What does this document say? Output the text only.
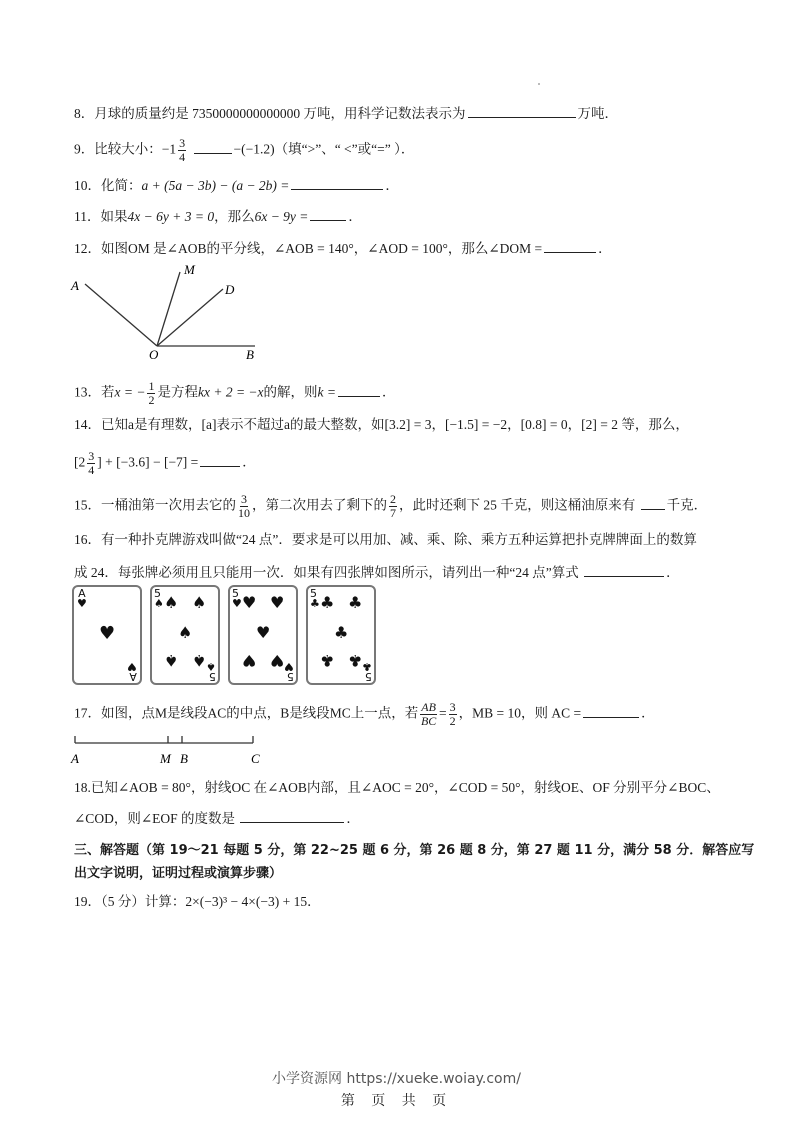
8．月球的质量约是 7350000000000000 万吨，用科学记数法表示为	万吨．
9．比较大小：$-1 \frac{3}{4}$	−(−1.2)（填“>”、“ <”或“=” ）．
10．化简：a + (5a − 3b) − (a − 2b) =	．
11．如果4x − 6y + 3 = 0，那么6x − 9y =	．
12．如图OM 是∠AOB的平分线，∠AOB = 140°，∠AOD = 100°，那么∠DOM =	．
A
M
D
O	B
13．若x = − $\frac{1}{2}$ 是方程kx + 2 = −x的解，则k =	．
14．已知a是有理数，[a]表示不超过a的最大整数，如[3.2] = 3，[−1.5] = −2，[0.8] = 0，[2] = 2 等，那么，
[$2 \frac{3}{4}$ ] + [−3.6] − [−7] =	．
15．一桶油第一次用去它的 $\frac{3}{10}$ ，第二次用去了剩下的 $\frac{2}{7}$ ，此时还剩下 25 千克，则这桶油原来有 千克．
16．有一种扑克牌游戏叫做“24 点”．要求是可以用加、减、乘、除、乘方五种运算把扑克牌牌面上的数算
成 24．每张牌必须用且只能用一次．如果有四张牌如图所示，请列出一种“24 点”算式	．
A
♥
♥
A
♥
5
♠ ♠ ♠
♠
♠ ♠
5
♠
5
♥ ♥ ♥
♥
♥ ♥
5
♥
5
♣ ♣ ♣
♣
♣ ♣
5
♣
17．如图，点M是线段AC的中点，B是线段MC上一点，若 $\frac{AB}{BC} = \frac{3}{2}$ ，MB = 10，则 AC =	．
A	M B	C
18.已知∠AOB = 80°，射线OC 在∠AOB内部，且∠AOC = 20°，∠COD = 50°，射线OE、OF 分别平分∠BOC、
∠COD，则∠EOF 的度数是	．
三、解答题（第 19～21 每题 5 分，第 22~25 题 6 分，第 26 题 8 分，第 27 题 11 分，满分 58 分．解答应写
出文字说明，证明过程或演算步骤）
19．（5 分）计算：2×(−3)³ − 4×(−3) + 15．
小学资源网 https://xueke.woiay.com/
第 页 共 页
